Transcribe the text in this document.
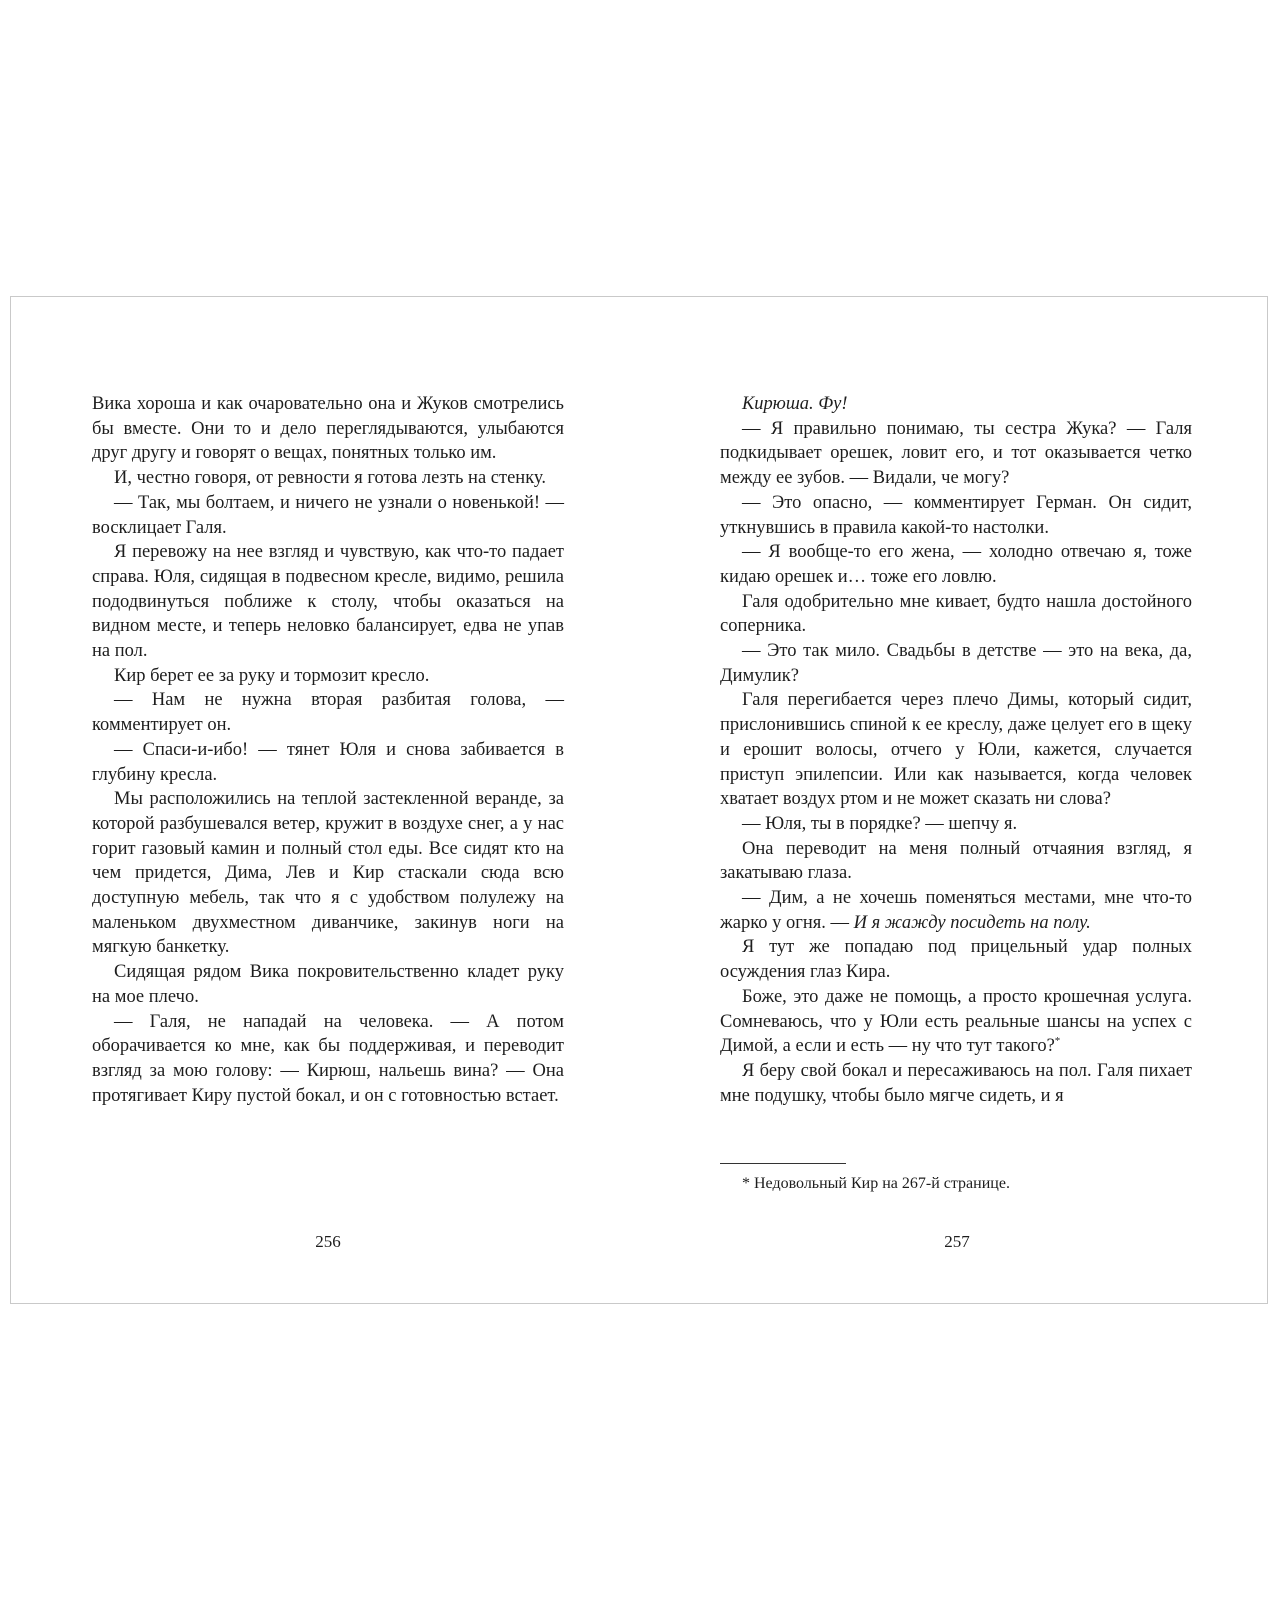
Вика хороша и как очаровательно она и Жуков смотрелись бы вместе. Они то и дело переглядываются, улыбаются друг другу и говорят о вещах, понятных только им.

И, честно говоря, от ревности я готова лезть на стенку.

— Так, мы болтаем, и ничего не узнали о новенькой! — восклицает Галя.

Я перевожу на нее взгляд и чувствую, как что-то падает справа. Юля, сидящая в подвесном кресле, видимо, решила пододвинуться поближе к столу, чтобы оказаться на видном месте, и теперь неловко балансирует, едва не упав на пол.

Кир берет ее за руку и тормозит кресло.

— Нам не нужна вторая разбитая голова, — комментирует он.

— Спаси-и-ибо! — тянет Юля и снова забивается в глубину кресла.

Мы расположились на теплой застекленной веранде, за которой разбушевался ветер, кружит в воздухе снег, а у нас горит газовый камин и полный стол еды. Все сидят кто на чем придется, Дима, Лев и Кир стаскали сюда всю доступную мебель, так что я с удобством полулежу на маленьком двухместном диванчике, закинув ноги на мягкую банкетку.

Сидящая рядом Вика покровительственно кладет руку на мое плечо.

— Галя, не нападай на человека. — А потом оборачивается ко мне, как бы поддерживая, и переводит взгляд за мою голову: — Кирюш, нальешь вина? — Она протягивает Киру пустой бокал, и он с готовностью встает.

Кирюша. Фу!

— Я правильно понимаю, ты сестра Жука? — Галя подкидывает орешек, ловит его, и тот оказывается четко между ее зубов. — Видали, че могу?

— Это опасно, — комментирует Герман. Он сидит, уткнувшись в правила какой-то настолки.

— Я вообще-то его жена, — холодно отвечаю я, тоже кидаю орешек и… тоже его ловлю.

Галя одобрительно мне кивает, будто нашла достойного соперника.

— Это так мило. Свадьбы в детстве — это на века, да, Димулик?

Галя перегибается через плечо Димы, который сидит, прислонившись спиной к ее креслу, даже целует его в щеку и ерошит волосы, отчего у Юли, кажется, случается приступ эпилепсии. Или как называется, когда человек хватает воздух ртом и не может сказать ни слова?

— Юля, ты в порядке? — шепчу я.

Она переводит на меня полный отчаяния взгляд, я закатываю глаза.

— Дим, а не хочешь поменяться местами, мне что-то жарко у огня. — И я жажду посидеть на полу.

Я тут же попадаю под прицельный удар полных осуждения глаз Кира.

Боже, это даже не помощь, а просто крошечная услуга. Сомневаюсь, что у Юли есть реальные шансы на успех с Димой, а если и есть — ну что тут такого?*

Я беру свой бокал и пересаживаюсь на пол. Галя пихает мне подушку, чтобы было мягче сидеть, и я

* Недовольный Кир на 267-й странице.
256	257
